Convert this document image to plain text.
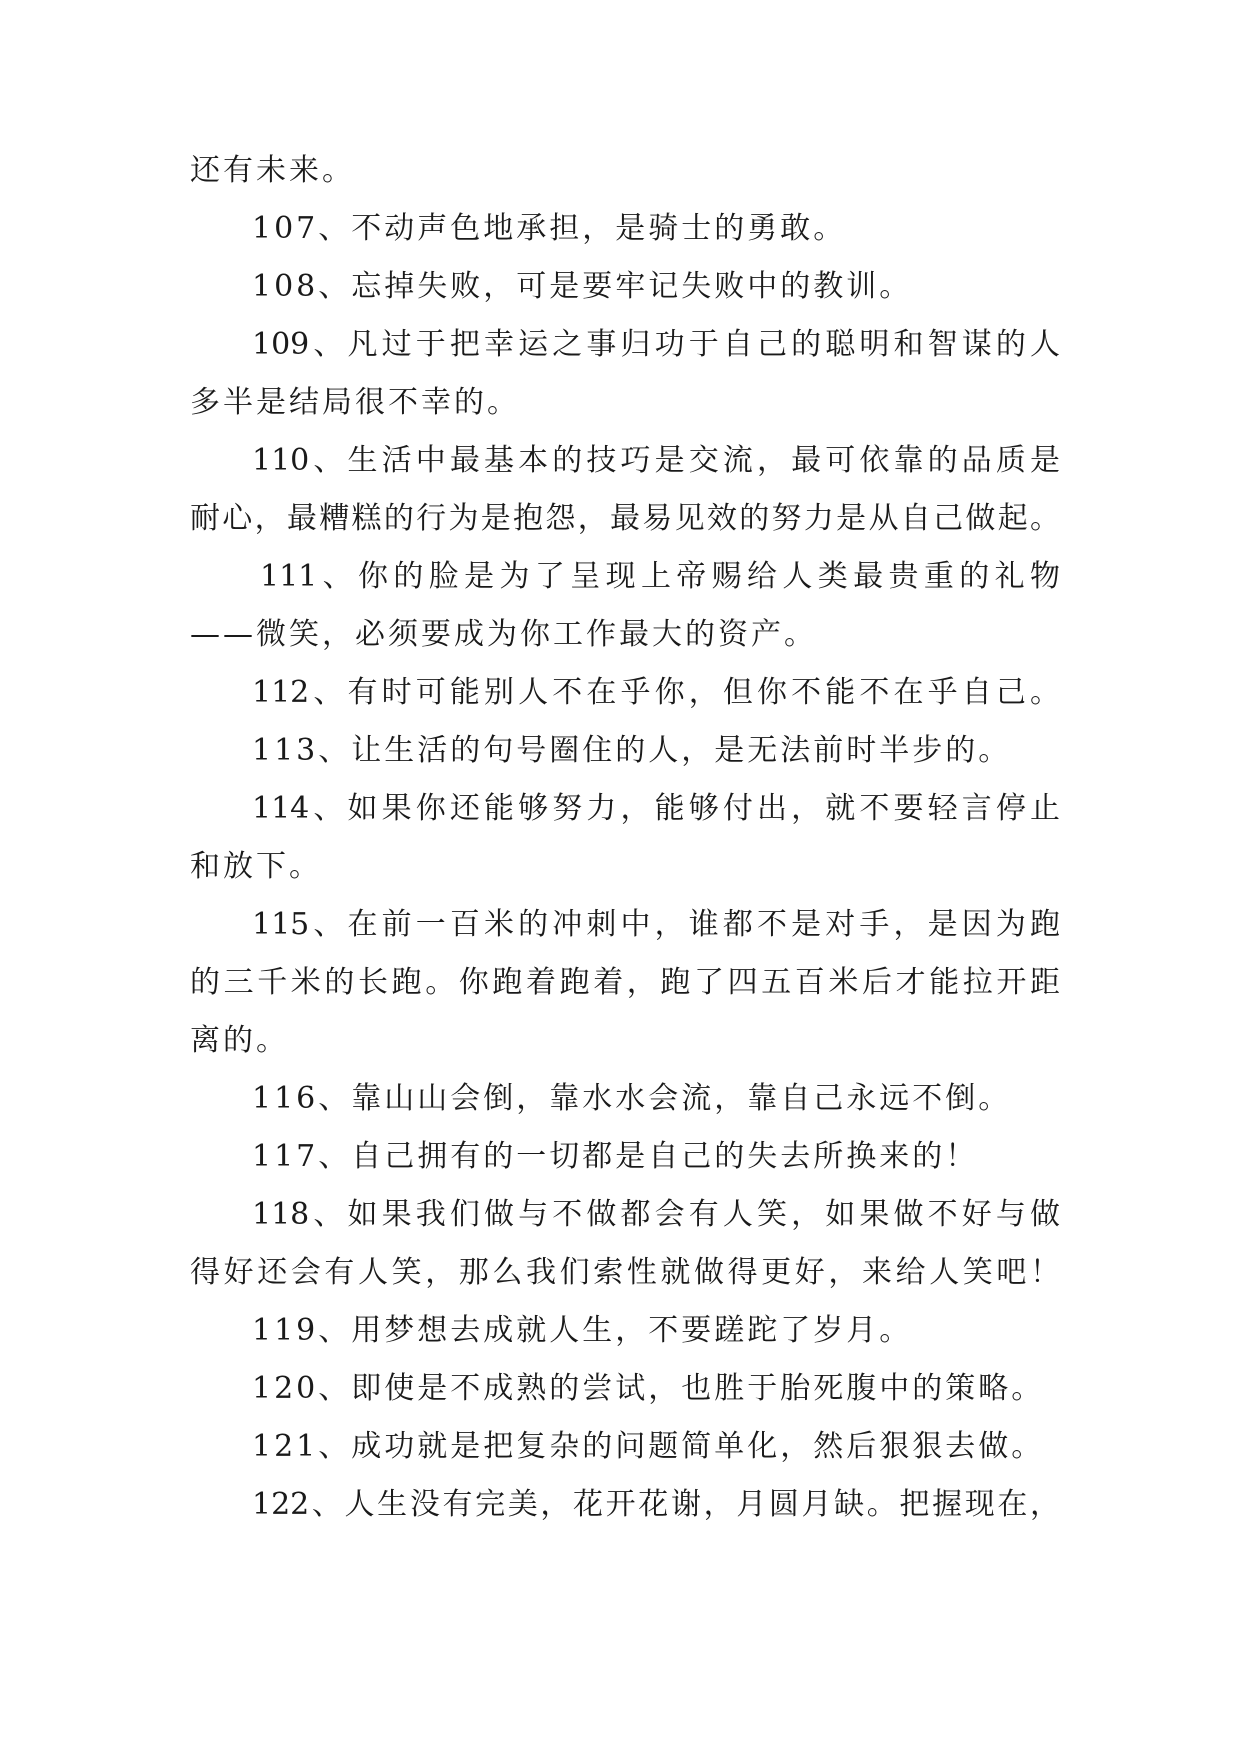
还有未来。
107、不动声色地承担，是骑士的勇敢。
108、忘掉失败，可是要牢记失败中的教训。
109、凡过于把幸运之事归功于自己的聪明和智谋的人
多半是结局很不幸的。
110、生活中最基本的技巧是交流，最可依靠的品质是
耐心，最糟糕的行为是抱怨，最易见效的努力是从自己做起。
111、你的脸是为了呈现上帝赐给人类最贵重的礼物
——微笑，必须要成为你工作最大的资产。
112、有时可能别人不在乎你，但你不能不在乎自己。
113、让生活的句号圈住的人，是无法前时半步的。
114、如果你还能够努力，能够付出，就不要轻言停止
和放下。
115、在前一百米的冲刺中，谁都不是对手，是因为跑
的三千米的长跑。你跑着跑着，跑了四五百米后才能拉开距
离的。
116、靠山山会倒，靠水水会流，靠自己永远不倒。
117、自己拥有的一切都是自己的失去所换来的！
118、如果我们做与不做都会有人笑，如果做不好与做
得好还会有人笑，那么我们索性就做得更好，来给人笑吧！
119、用梦想去成就人生，不要蹉跎了岁月。
120、即使是不成熟的尝试，也胜于胎死腹中的策略。
121、成功就是把复杂的问题简单化，然后狠狠去做。
122、人生没有完美，花开花谢，月圆月缺。把握现在，
